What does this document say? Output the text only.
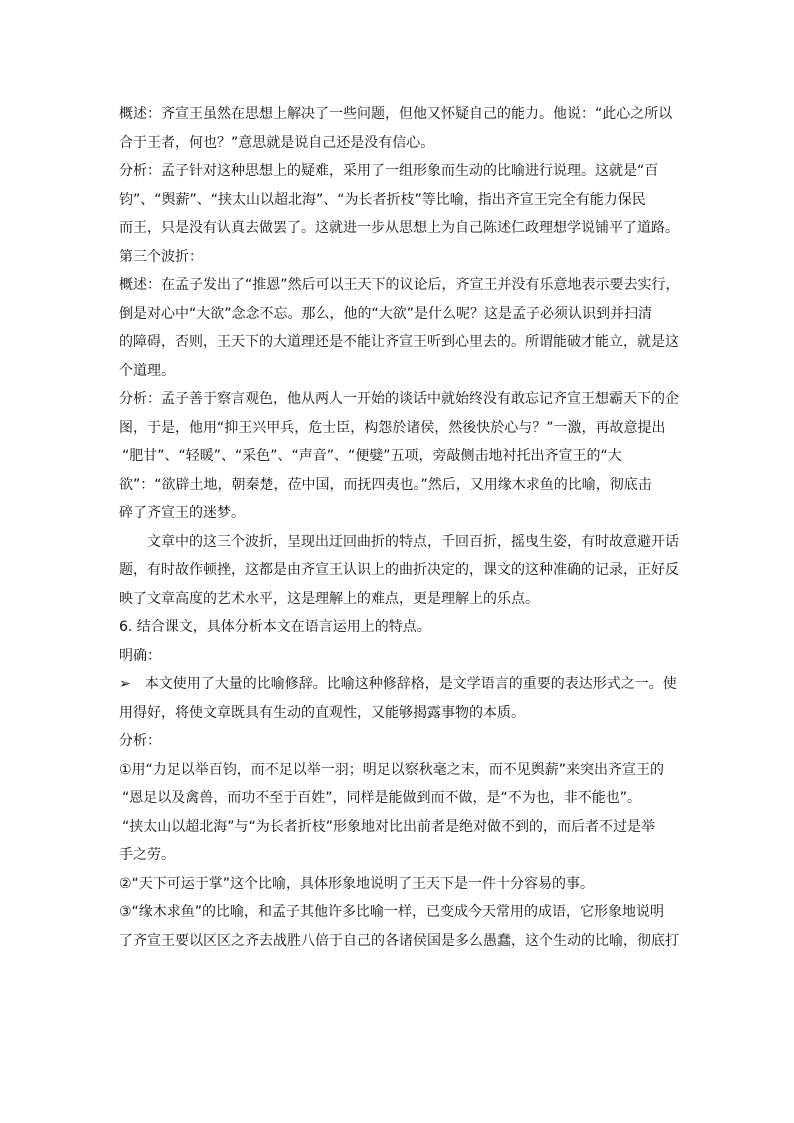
概述：齐宣王虽然在思想上解决了一些问题，但他又怀疑自己的能力。他说：“此心之所以
合于王者，何也？”意思就是说自己还是没有信心。
分析：孟子针对这种思想上的疑难，采用了一组形象而生动的比喻进行说理。这就是“百
钧”、“舆薪”、“挟太山以超北海”、“为长者折枝”等比喻，指出齐宣王完全有能力保民
而王，只是没有认真去做罢了。这就进一步从思想上为自己陈述仁政理想学说铺平了道路。
第三个波折：
概述：在孟子发出了“推恩”然后可以王天下的议论后，齐宣王并没有乐意地表示要去实行，
倒是对心中“大欲”念念不忘。那么，他的“大欲”是什么呢？这是孟子必须认识到并扫清
的障碍，否则，王天下的大道理还是不能让齐宣王听到心里去的。所谓能破才能立，就是这
个道理。
分析：孟子善于察言观色，他从两人一开始的谈话中就始终没有敢忘记齐宣王想霸天下的企
图，于是，他用“抑王兴甲兵，危士臣，构怨於诸侯，然後快於心与？”一激，再故意提出
“肥甘”、“轻暖”、“采色”、“声音”、“便嬖”五项，旁敲侧击地衬托出齐宣王的“大
欲”：“欲辟土地，朝秦楚，莅中国，而抚四夷也。”然后，又用缘木求鱼的比喻，彻底击
碎了齐宣王的迷梦。
文章中的这三个波折，呈现出迂回曲折的特点，千回百折，摇曳生姿，有时故意避开话
题，有时故作顿挫，这都是由齐宣王认识上的曲折决定的，课文的这种准确的记录，正好反
映了文章高度的艺术水平，这是理解上的难点，更是理解上的乐点。
6. 结合课文，具体分析本文在语言运用上的特点。
明确：
➢　本文使用了大量的比喻修辞。比喻这种修辞格，是文学语言的重要的表达形式之一。使
用得好，将使文章既具有生动的直观性，又能够揭露事物的本质。
分析：
①用“力足以举百钧，而不足以举一羽；明足以察秋毫之末，而不见舆薪”来突出齐宣王的
“恩足以及禽兽，而功不至于百姓”，同样是能做到而不做，是“不为也，非不能也”。
“挟太山以超北海”与“为长者折枝”形象地对比出前者是绝对做不到的，而后者不过是举
手之劳。
②“天下可运于掌”这个比喻，具体形象地说明了王天下是一件十分容易的事。
③“缘木求鱼”的比喻，和孟子其他许多比喻一样，已变成今天常用的成语，它形象地说明
了齐宣王要以区区之齐去战胜八倍于自己的各诸侯国是多么愚蠢，这个生动的比喻，彻底打
